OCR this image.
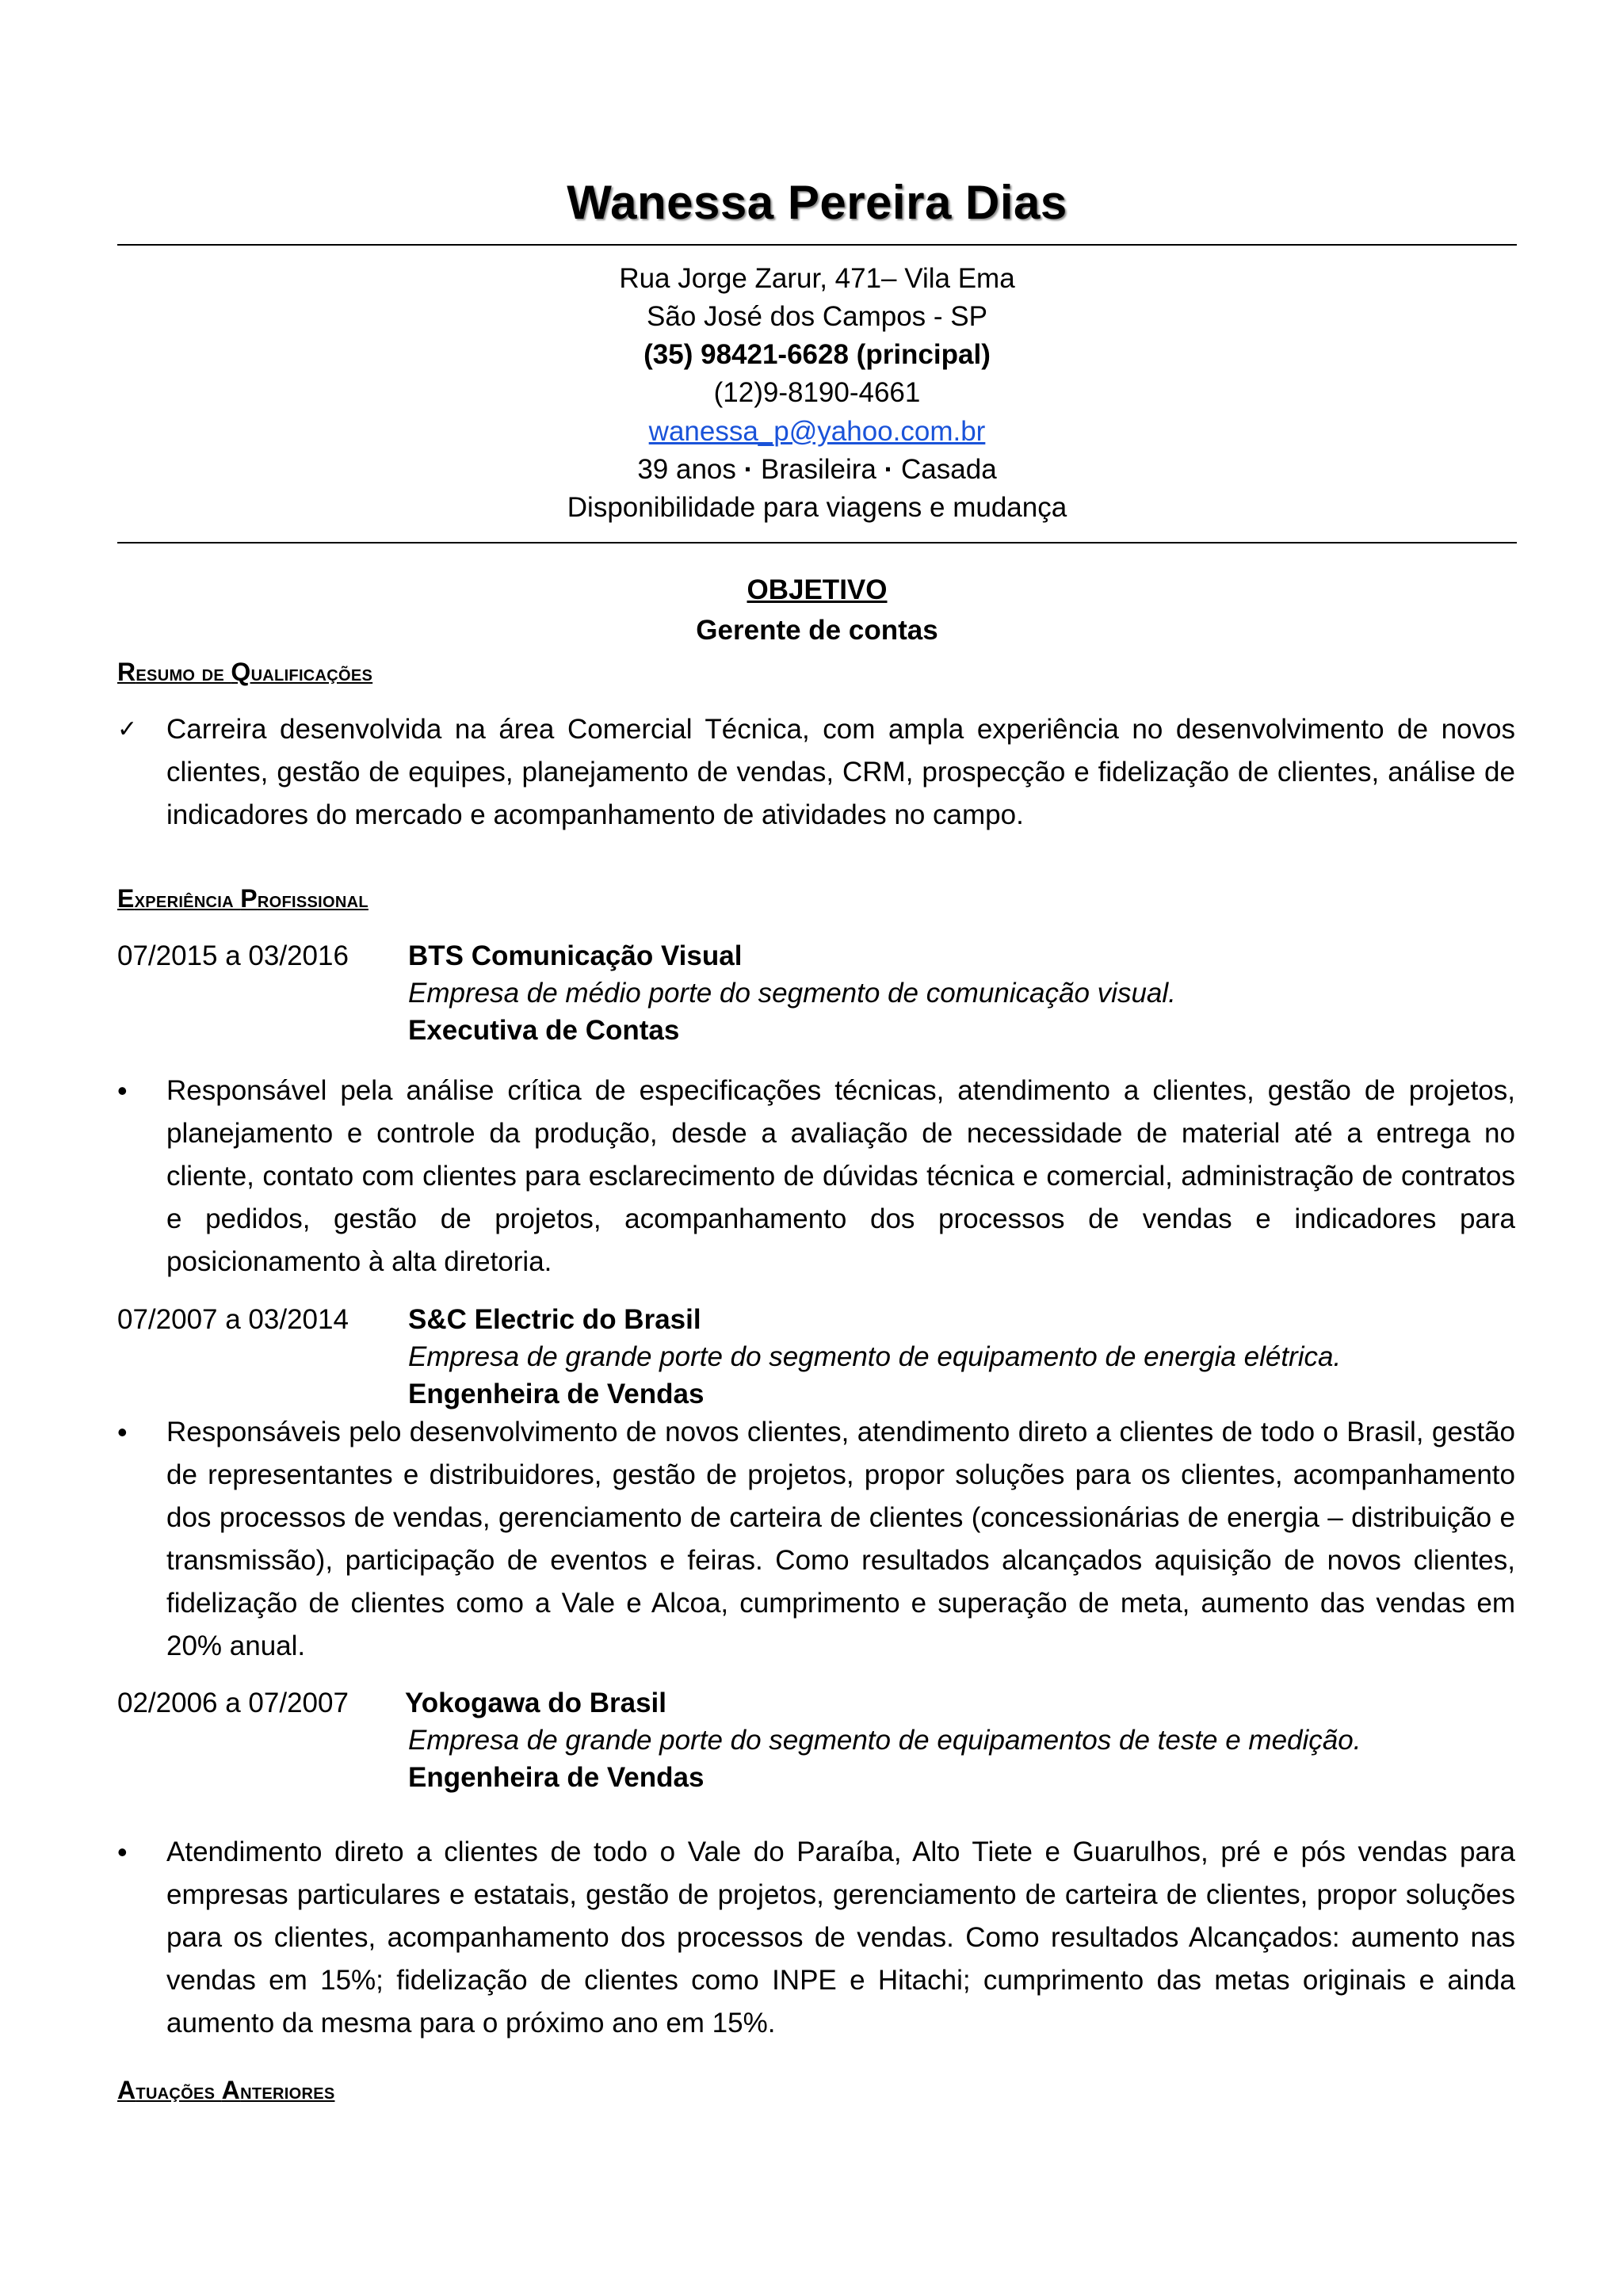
Wanessa Pereira Dias
Rua Jorge Zarur, 471– Vila Ema
São José dos Campos - SP
(35) 98421-6628 (principal)
(12)9-8190-4661
wanessa_p@yahoo.com.br
39 anos · Brasileira · Casada
Disponibilidade para viagens e mudança
OBJETIVO
Gerente de contas
Resumo de Qualificações
✓ Carreira desenvolvida na área Comercial Técnica, com ampla experiência no desenvolvimento de novos clientes, gestão de equipes, planejamento de vendas, CRM, prospecção e fidelização de clientes, análise de indicadores do mercado e acompanhamento de atividades no campo.

Experiência Profissional
07/2015 a 03/2016 BTS Comunicação Visual
Empresa de médio porte do segmento de comunicação visual.
Executiva de Contas
• Responsável pela análise crítica de especificações técnicas, atendimento a clientes, gestão de projetos, planejamento e controle da produção, desde a avaliação de necessidade de material até a entrega no cliente, contato com clientes para esclarecimento de dúvidas técnica e comercial, administração de contratos e pedidos, gestão de projetos, acompanhamento dos processos de vendas e indicadores para posicionamento à alta diretoria.

07/2007 a 03/2014 S&C Electric do Brasil
Empresa de grande porte do segmento de equipamento de energia elétrica.
Engenheira de Vendas
• Responsáveis pelo desenvolvimento de novos clientes, atendimento direto a clientes de todo o Brasil, gestão de representantes e distribuidores, gestão de projetos, propor soluções para os clientes, acompanhamento dos processos de vendas, gerenciamento de carteira de clientes (concessionárias de energia – distribuição e transmissão), participação de eventos e feiras. Como resultados alcançados aquisição de novos clientes, fidelização de clientes como a Vale e Alcoa, cumprimento e superação de meta, aumento das vendas em 20% anual.

02/2006 a 07/2007 Yokogawa do Brasil
Empresa de grande porte do segmento de equipamentos de teste e medição.
Engenheira de Vendas
• Atendimento direto a clientes de todo o Vale do Paraíba, Alto Tiete e Guarulhos, pré e pós vendas para empresas particulares e estatais, gestão de projetos, gerenciamento de carteira de clientes, propor soluções para os clientes, acompanhamento dos processos de vendas. Como resultados Alcançados: aumento nas vendas em 15%; fidelização de clientes como INPE e Hitachi; cumprimento das metas originais e ainda aumento da mesma para o próximo ano em 15%.

Atuações Anteriores
